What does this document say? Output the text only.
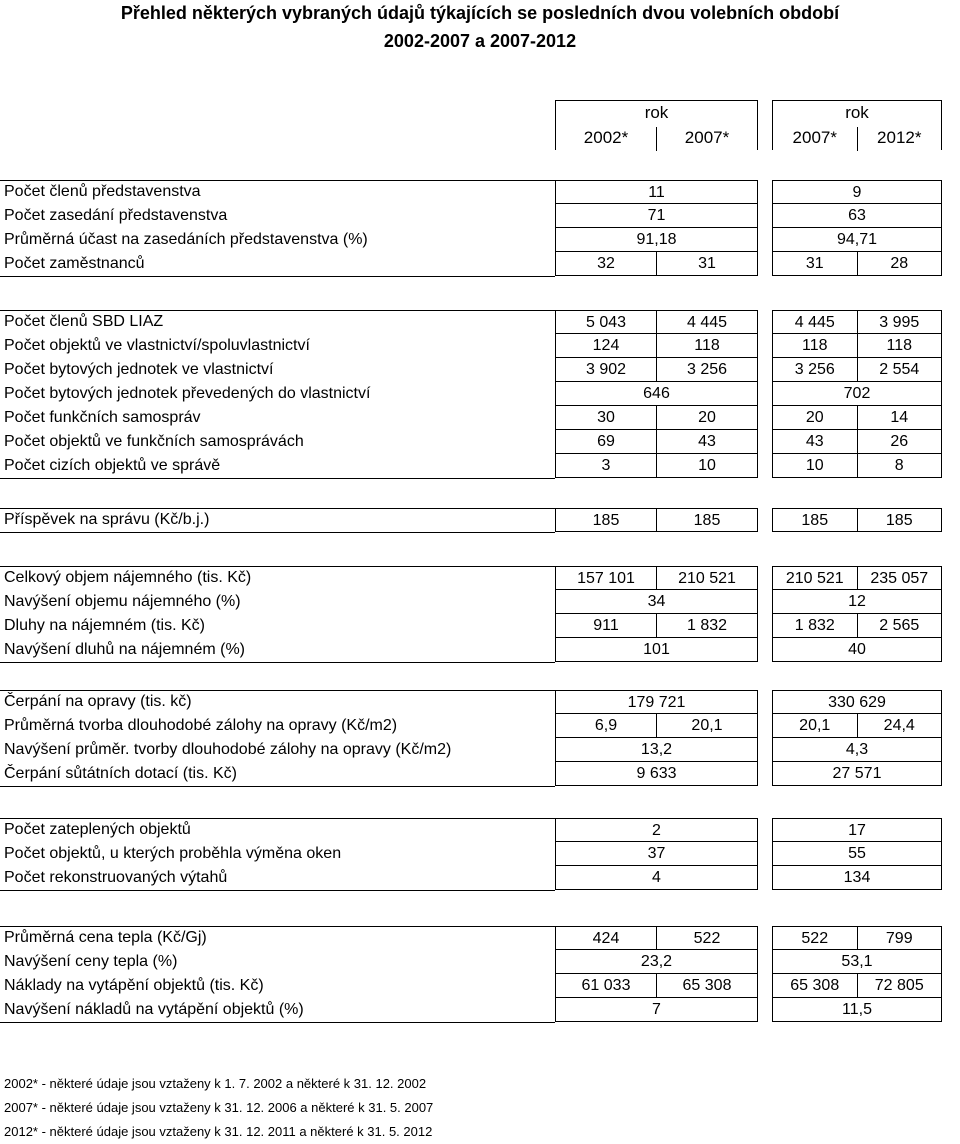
Přehled některých vybraných údajů týkajících se posledních dvou volebních období
2002-2007 a 2007-2012
rok
2002*	2007*
rok
2007*	2012*
Počet členů představenstva	11	9
Počet zasedání představenstva	71	63
Průměrná účast na zasedáních představenstva (%)	91,18	94,71
Počet zaměstnanců	32	31	31	28
Počet členů SBD LIAZ	5 043	4 445	4 445	3 995
Počet objektů ve vlastnictví/spoluvlastnictví	124	118	118	118
Počet bytových jednotek ve vlastnictví	3 902	3 256	3 256	2 554
Počet bytových jednotek převedených do vlastnictví	646	702
Počet funkčních samospráv	30	20	20	14
Počet objektů ve funkčních samosprávách	69	43	43	26
Počet cizích objektů ve správě	3	10	10	8
Příspěvek na správu (Kč/b.j.)	185	185	185	185
Celkový objem nájemného (tis. Kč)	157 101	210 521	210 521	235 057
Navýšení objemu nájemného (%)	34	12
Dluhy na nájemném (tis. Kč)	911	1 832	1 832	2 565
Navýšení dluhů na nájemném (%)	101	40
Čerpání na opravy (tis. kč)	179 721	330 629
Průměrná tvorba dlouhodobé zálohy na opravy (Kč/m2)	6,9	20,1	20,1	24,4
Navýšení průměr. tvorby dlouhodobé zálohy na opravy (Kč/m2)	13,2	4,3
Čerpání sůtátních dotací (tis. Kč)	9 633	27 571
Počet zateplených objektů	2	17
Počet objektů, u kterých proběhla výměna oken	37	55
Počet rekonstruovaných výtahů	4	134
Průměrná cena tepla (Kč/Gj)	424	522	522	799
Navýšení ceny tepla (%)	23,2	53,1
Náklady na vytápění objektů (tis. Kč)	61 033	65 308	65 308	72 805
Navýšení nákladů na vytápění objektů (%)	7	11,5
2002* - některé údaje jsou vztaženy k 1. 7. 2002 a některé k 31. 12. 2002
2007* - některé údaje jsou vztaženy k 31. 12. 2006 a některé k 31. 5. 2007
2012* - některé údaje jsou vztaženy k 31. 12. 2011 a některé k 31. 5. 2012
